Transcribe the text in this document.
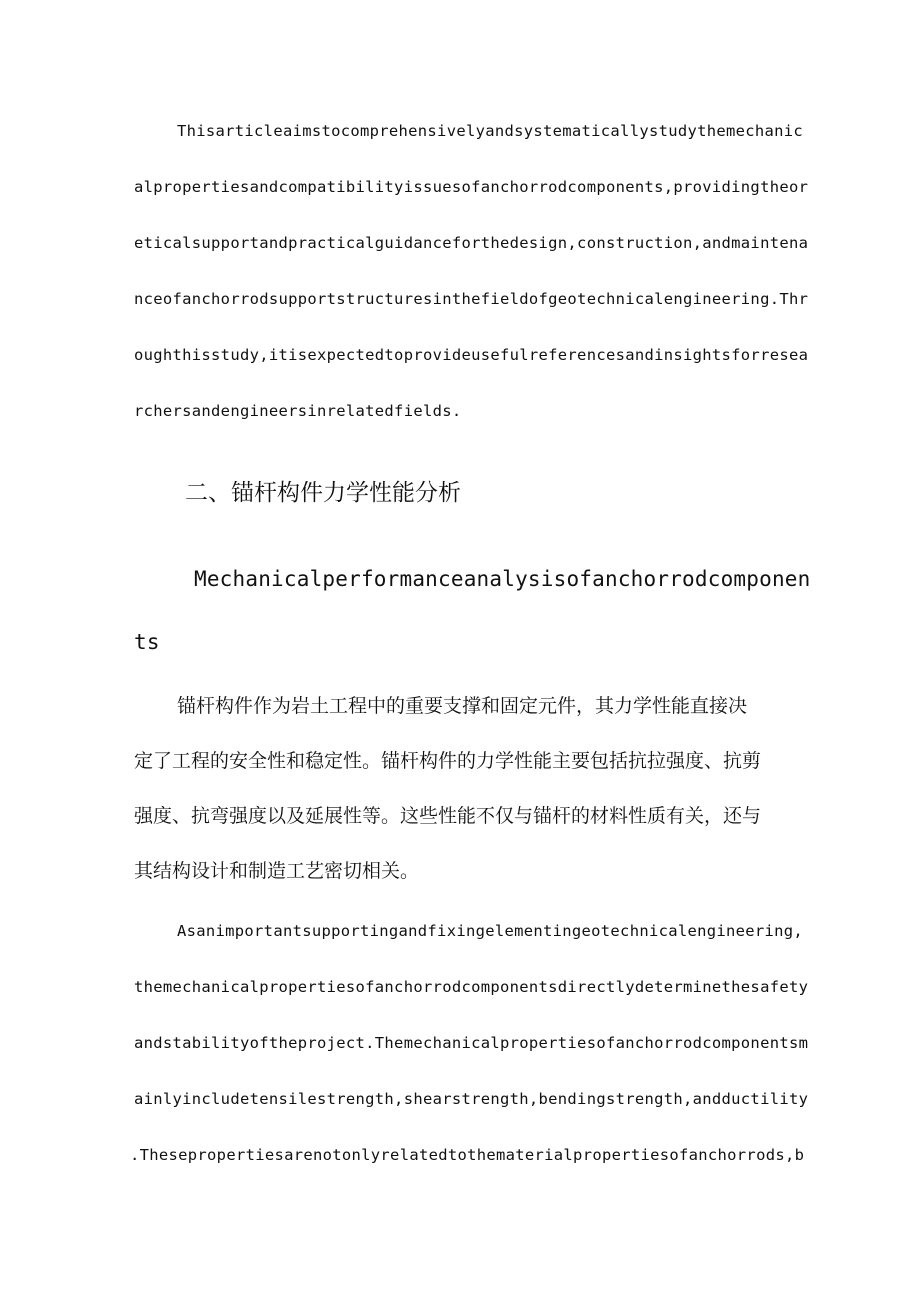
Thisarticleaimstocomprehensivelyandsystematicallystudythemechanic
alpropertiesandcompatibilityissuesofanchorrodcomponents,providingtheor
eticalsupportandpracticalguidanceforthedesign,construction,andmaintena
nceofanchorrodsupportstructuresinthefieldofgeotechnicalengineering.Thr
oughthisstudy,itisexpectedtoprovideusefulreferencesandinsightsforresea
rchersandengineersinrelatedfields.
二、锚杆构件力学性能分析
Mechanicalperformanceanalysisofanchorrodcomponen
ts
锚杆构件作为岩土工程中的重要支撑和固定元件，其力学性能直接决
定了工程的安全性和稳定性。锚杆构件的力学性能主要包括抗拉强度、抗剪
强度、抗弯强度以及延展性等。这些性能不仅与锚杆的材料性质有关，还与
其结构设计和制造工艺密切相关。
Asanimportantsupportingandfixingelementingeotechnicalengineering,
themechanicalpropertiesofanchorrodcomponentsdirectlydeterminethesafety
andstabilityoftheproject.Themechanicalpropertiesofanchorrodcomponentsm
ainlyincludetensilestrength,shearstrength,bendingstrength,andductility
.Thesepropertiesarenotonlyrelatedtothematerialpropertiesofanchorrods,b
